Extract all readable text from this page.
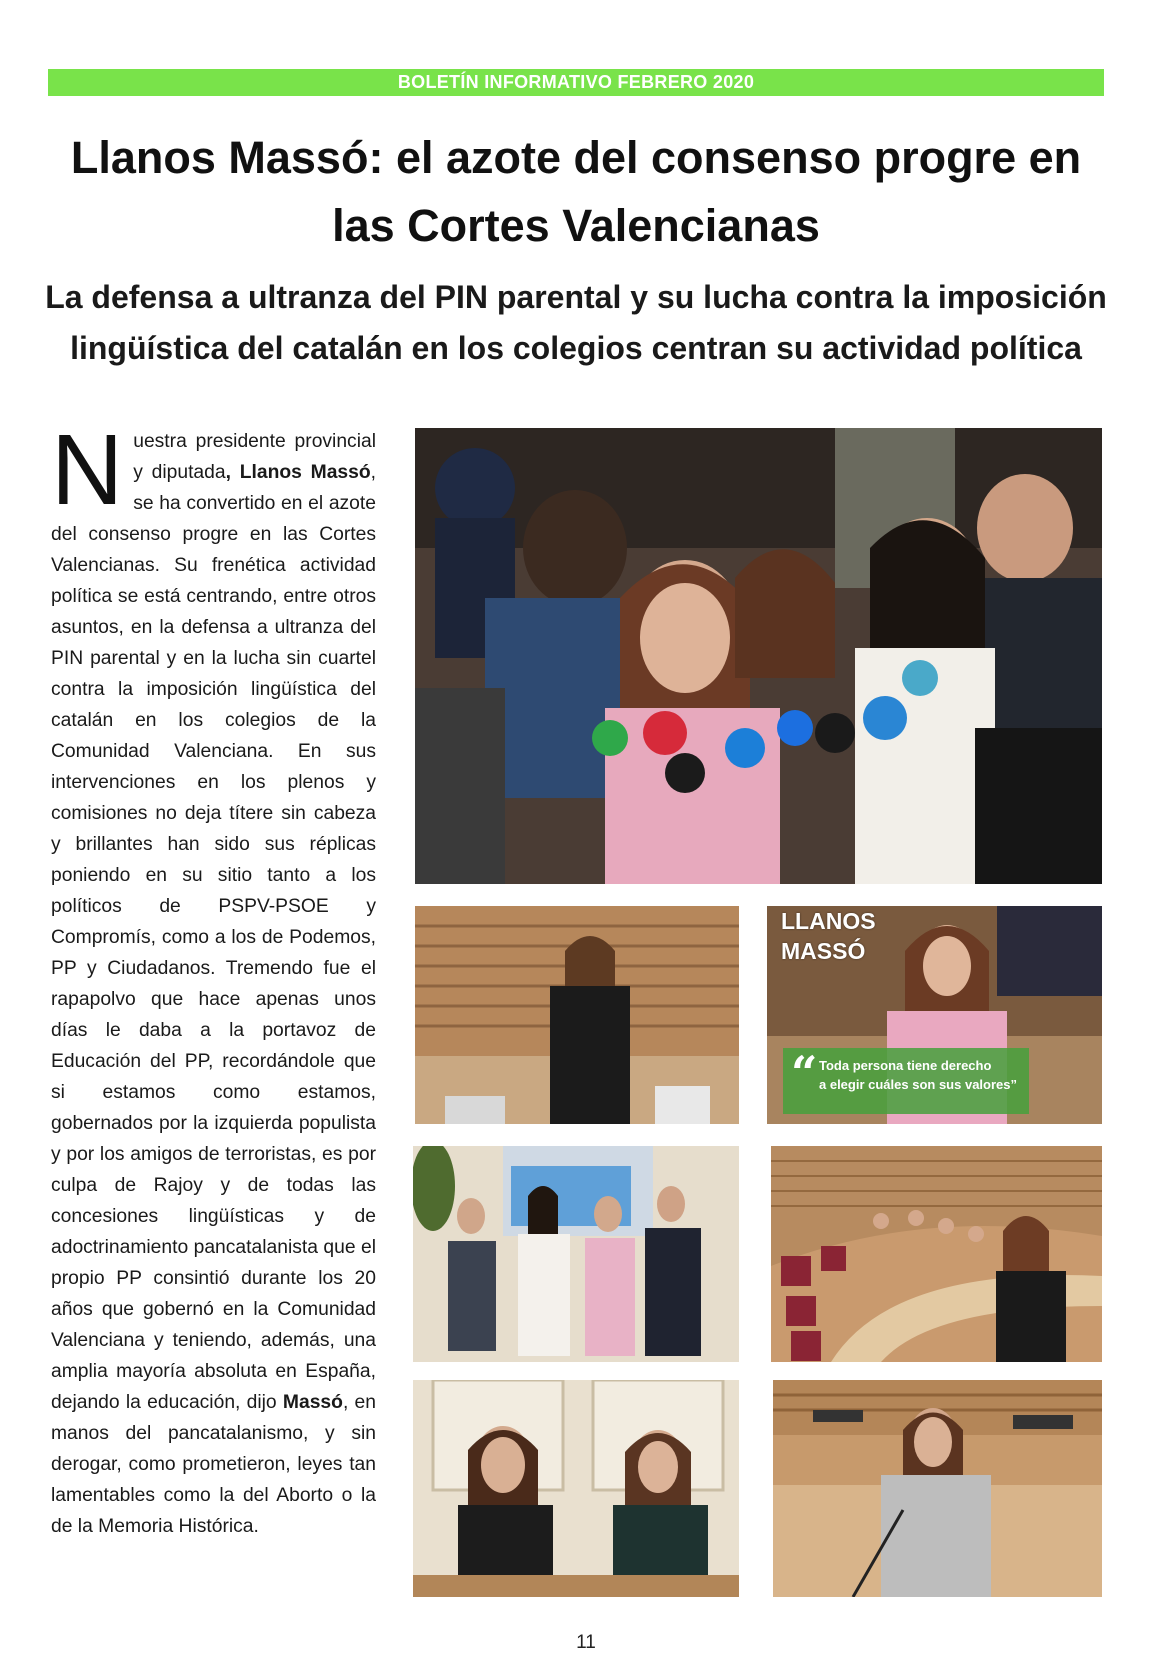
BOLETÍN INFORMATIVO FEBRERO 2020
Llanos Massó: el azote del consenso progre en las Cortes Valencianas
La defensa a ultranza del PIN parental y su lucha contra la imposición lingüística del catalán en los colegios centran su actividad política
Nuestra presidente provincial y diputada, Llanos Massó, se ha convertido en el azote del consenso progre en las Cortes Valencianas. Su frenética actividad política se está centrando, entre otros asuntos, en la defensa a ultranza del PIN parental y en la lucha sin cuartel contra la imposición lingüística del catalán en los colegios de la Comunidad Valenciana. En sus intervenciones en los plenos y comisiones no deja títere sin cabeza y brillantes han sido sus réplicas poniendo en su sitio tanto a los políticos de PSPV-PSOE y Compromís, como a los de Podemos, PP y Ciudadanos. Tremendo fue el rapapolvo que hace apenas unos días le daba a la portavoz de Educación del PP, recordándole que si estamos como estamos, gobernados por la izquierda populista y por los amigos de terroristas, es por culpa de Rajoy y de todas las concesiones lingüísticas y de adoctrinamiento pancatalanista que el propio PP consintió durante los 20 años que gobernó en la Comunidad Valenciana y teniendo, además, una amplia mayoría absoluta en España, dejando la educación, dijo Massó, en manos del pancatalanismo, y sin derogar, como prometieron, leyes tan lamentables como la del Aborto o la de la Memoria Histórica.
LLANOS
MASSÓ
“ Toda persona tiene derecho
a elegir cuáles son sus valores”
11
